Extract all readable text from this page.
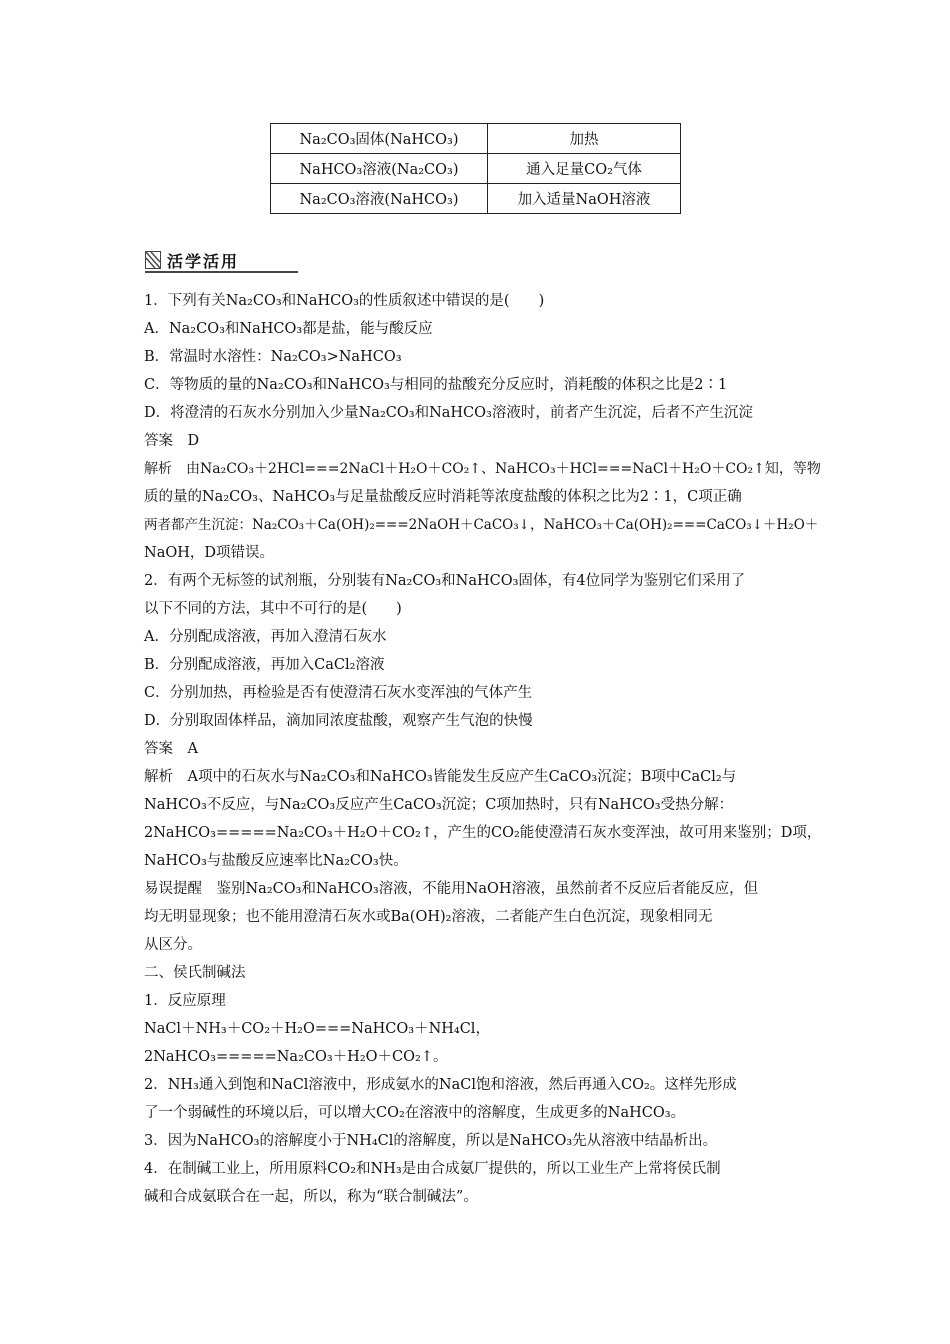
Na₂CO₃固体(NaHCO₃)	加热
NaHCO₃溶液(Na₂CO₃)	通入足量CO₂气体
Na₂CO₃溶液(NaHCO₃)	加入适量NaOH溶液
活学活用
1．下列有关Na₂CO₃和NaHCO₃的性质叙述中错误的是(　　)
A．Na₂CO₃和NaHCO₃都是盐，能与酸反应
B．常温时水溶性：Na₂CO₃>NaHCO₃
C．等物质的量的Na₂CO₃和NaHCO₃与相同的盐酸充分反应时，消耗酸的体积之比是2∶1
D．将澄清的石灰水分别加入少量Na₂CO₃和NaHCO₃溶液时，前者产生沉淀，后者不产生沉淀
答案　D
解析　由Na₂CO₃＋2HCl===2NaCl＋H₂O＋CO₂↑、NaHCO₃＋HCl===NaCl＋H₂O＋CO₂↑知，等物
质的量的Na₂CO₃、NaHCO₃与足量盐酸反应时消耗等浓度盐酸的体积之比为2∶1，C项正确
两者都产生沉淀：Na₂CO₃＋Ca(OH)₂===2NaOH＋CaCO₃↓，NaHCO₃＋Ca(OH)₂===CaCO₃↓＋H₂O＋
NaOH，D项错误。
2．有两个无标签的试剂瓶，分别装有Na₂CO₃和NaHCO₃固体，有4位同学为鉴别它们采用了
以下不同的方法，其中不可行的是(　　)
A．分别配成溶液，再加入澄清石灰水
B．分别配成溶液，再加入CaCl₂溶液
C．分别加热，再检验是否有使澄清石灰水变浑浊的气体产生
D．分别取固体样品，滴加同浓度盐酸，观察产生气泡的快慢
答案　A
解析　A项中的石灰水与Na₂CO₃和NaHCO₃皆能发生反应产生CaCO₃沉淀；B项中CaCl₂与
NaHCO₃不反应，与Na₂CO₃反应产生CaCO₃沉淀；C项加热时，只有NaHCO₃受热分解：
2NaHCO₃=====Na₂CO₃＋H₂O＋CO₂↑，产生的CO₂能使澄清石灰水变浑浊，故可用来鉴别；D项，
NaHCO₃与盐酸反应速率比Na₂CO₃快。
易误提醒　鉴别Na₂CO₃和NaHCO₃溶液，不能用NaOH溶液，虽然前者不反应后者能反应，但
均无明显现象；也不能用澄清石灰水或Ba(OH)₂溶液，二者能产生白色沉淀，现象相同无
从区分。
二、侯氏制碱法
1．反应原理
NaCl＋NH₃＋CO₂＋H₂O===NaHCO₃＋NH₄Cl，
2NaHCO₃=====Na₂CO₃＋H₂O＋CO₂↑。
2．NH₃通入到饱和NaCl溶液中，形成氨水的NaCl饱和溶液，然后再通入CO₂。这样先形成
了一个弱碱性的环境以后，可以增大CO₂在溶液中的溶解度，生成更多的NaHCO₃。
3．因为NaHCO₃的溶解度小于NH₄Cl的溶解度，所以是NaHCO₃先从溶液中结晶析出。
4．在制碱工业上，所用原料CO₂和NH₃是由合成氨厂提供的，所以工业生产上常将侯氏制
碱和合成氨联合在一起，所以，称为“联合制碱法”。
